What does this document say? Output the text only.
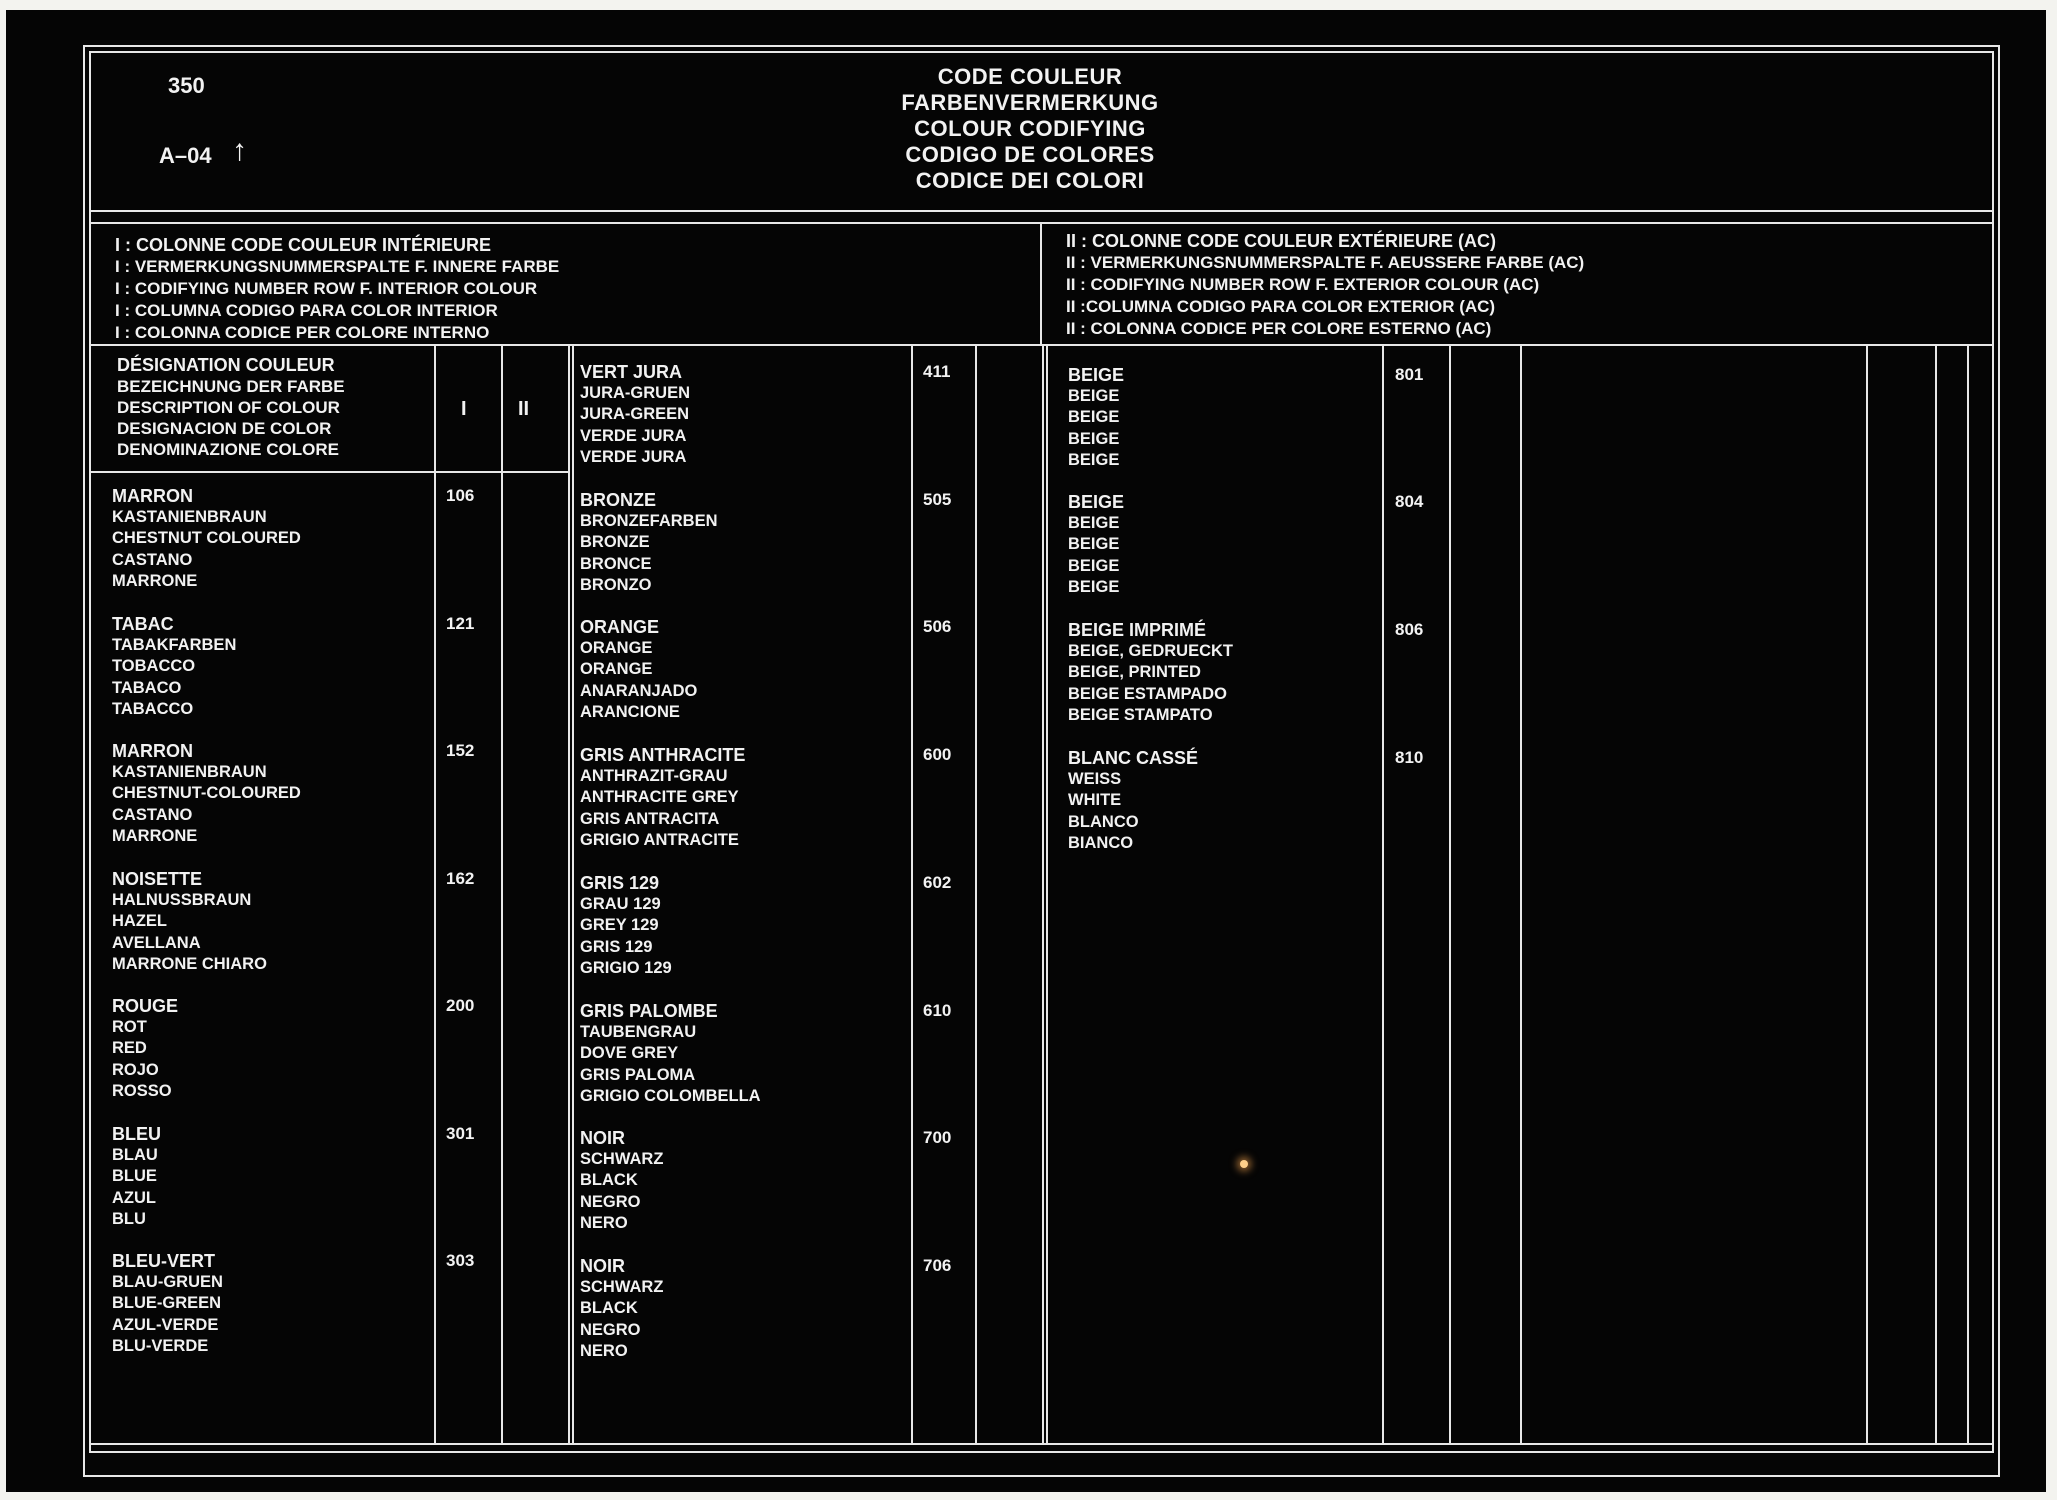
350
A–04 ↑
CODE COULEUR
FARBENVERMERKUNG
COLOUR CODIFYING
CODIGO DE COLORES
CODICE DEI COLORI
I : COLONNE CODE COULEUR INTÉRIEURE
I : VERMERKUNGSNUMMERSPALTE F. INNERE FARBE
I : CODIFYING NUMBER ROW F. INTERIOR COLOUR
I : COLUMNA CODIGO PARA COLOR INTERIOR
I : COLONNA CODICE PER COLORE INTERNO
II : COLONNE CODE COULEUR EXTÉRIEURE (AC)
II : VERMERKUNGSNUMMERSPALTE F. AEUSSERE FARBE (AC)
II : CODIFYING NUMBER ROW F. EXTERIOR COLOUR (AC)
II :COLUMNA CODIGO PARA COLOR EXTERIOR (AC)
II : COLONNA CODICE PER COLORE ESTERNO (AC)
DÉSIGNATION COULEUR
BEZEICHNUNG DER FARBE
DESCRIPTION OF COLOUR
DESIGNACION DE COLOR
DENOMINAZIONE COLORE
I	II
MARRON
KASTANIENBRAUN
CHESTNUT COLOURED
CASTANO
MARRONE
106
TABAC
TABAKFARBEN
TOBACCO
TABACO
TABACCO
121
MARRON
KASTANIENBRAUN
CHESTNUT-COLOURED
CASTANO
MARRONE
152
NOISETTE
HALNUSSBRAUN
HAZEL
AVELLANA
MARRONE CHIARO
162
ROUGE
ROT
RED
ROJO
ROSSO
200
BLEU
BLAU
BLUE
AZUL
BLU
301
BLEU-VERT
BLAU-GRUEN
BLUE-GREEN
AZUL-VERDE
BLU-VERDE
303
VERT JURA
JURA-GRUEN
JURA-GREEN
VERDE JURA
VERDE JURA
411
BRONZE
BRONZEFARBEN
BRONZE
BRONCE
BRONZO
505
ORANGE
ORANGE
ORANGE
ANARANJADO
ARANCIONE
506
GRIS ANTHRACITE
ANTHRAZIT-GRAU
ANTHRACITE GREY
GRIS ANTRACITA
GRIGIO ANTRACITE
600
GRIS 129
GRAU 129
GREY 129
GRIS 129
GRIGIO 129
602
GRIS PALOMBE
TAUBENGRAU
DOVE GREY
GRIS PALOMA
GRIGIO COLOMBELLA
610
NOIR
SCHWARZ
BLACK
NEGRO
NERO
700
NOIR
SCHWARZ
BLACK
NEGRO
NERO
706
BEIGE
BEIGE
BEIGE
BEIGE
BEIGE
801
BEIGE
BEIGE
BEIGE
BEIGE
BEIGE
804
BEIGE IMPRIMÉ
BEIGE, GEDRUECKT
BEIGE, PRINTED
BEIGE ESTAMPADO
BEIGE STAMPATO
806
BLANC CASSÉ
WEISS
WHITE
BLANCO
BIANCO
810
